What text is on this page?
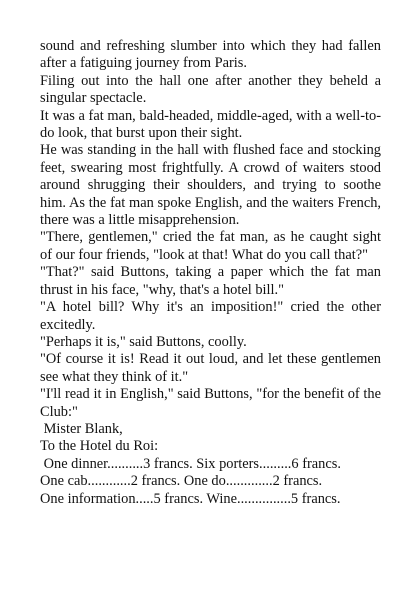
sound and refreshing slumber into which they had fallen after a fatiguing journey from Paris.

Filing out into the hall one after another they beheld a singular spectacle.

It was a fat man, bald-headed, middle-aged, with a well-to-do look, that burst upon their sight.

He was standing in the hall with flushed face and stocking feet, swearing most frightfully. A crowd of waiters stood around shrugging their shoulders, and trying to soothe him. As the fat man spoke English, and the waiters French, there was a little misapprehension.

"There, gentlemen," cried the fat man, as he caught sight of our four friends, "look at that! What do you call that?"

"That?" said Buttons, taking a paper which the fat man thrust in his face, "why, that's a hotel bill."

"A hotel bill? Why it's an imposition!" cried the other excitedly.

"Perhaps it is," said Buttons, coolly.

"Of course it is! Read it out loud, and let these gentlemen see what they think of it."

"I'll read it in English," said Buttons, "for the benefit of the Club:"

Mister Blank,

To the Hotel du Roi:

One dinner..........3 francs. Six porters.........6 francs.

One cab............2 francs. One do.............2 francs.

One information.....5 francs. Wine...............5 francs.
